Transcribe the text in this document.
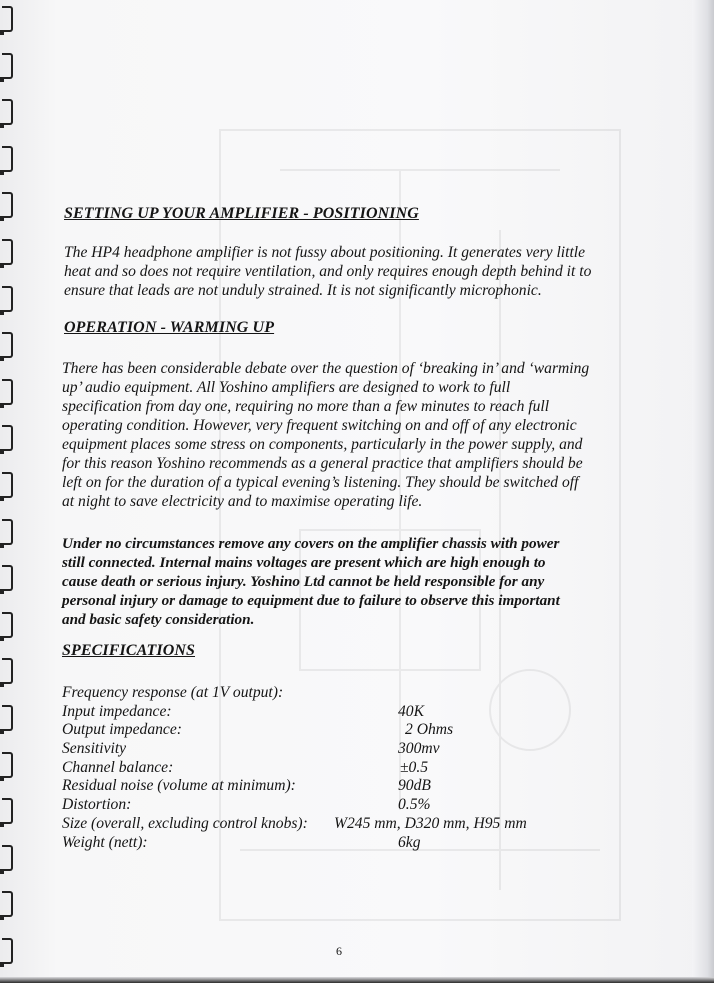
SETTING UP YOUR AMPLIFIER - POSITIONING
The HP4 headphone amplifier is not fussy about positioning. It generates very little
heat and so does not require ventilation, and only requires enough depth behind it to
ensure that leads are not unduly strained. It is not significantly microphonic.
OPERATION - WARMING UP
There has been considerable debate over the question of ‘breaking in’ and ‘warming
up’ audio equipment. All Yoshino amplifiers are designed to work to full
specification from day one, requiring no more than a few minutes to reach full
operating condition. However, very frequent switching on and off of any electronic
equipment places some stress on components, particularly in the power supply, and
for this reason Yoshino recommends as a general practice that amplifiers should be
left on for the duration of a typical evening’s listening. They should be switched off
at night to save electricity and to maximise operating life.
Under no circumstances remove any covers on the amplifier chassis with power
still connected. Internal mains voltages are present which are high enough to
cause death or serious injury. Yoshino Ltd cannot be held responsible for any
personal injury or damage to equipment due to failure to observe this important
and basic safety consideration.
SPECIFICATIONS
Frequency response (at 1V output):
Input impedance:	40K
Output impedance:	2 Ohms
Sensitivity	300mv
Channel balance:	±0.5
Residual noise (volume at minimum):	90dB
Distortion:	0.5%
Size (overall, excluding control knobs): W245 mm, D320 mm, H95 mm
Weight (nett):	6kg
6
